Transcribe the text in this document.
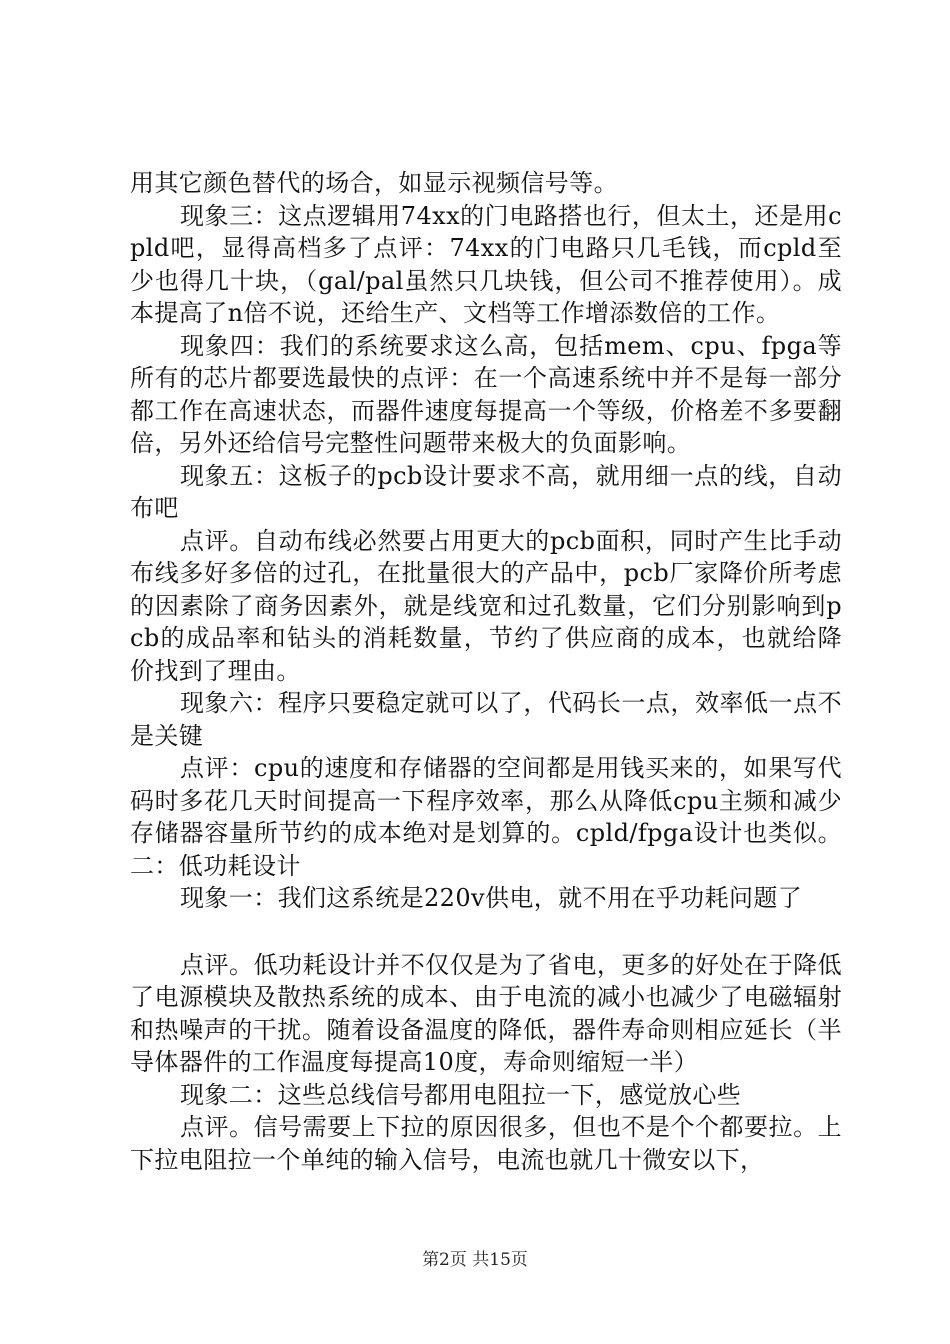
用其它颜色替代的场合，如显示视频信号等。

现象三：这点逻辑用74xx的门电路搭也行，但太土，还是用cpld吧，显得高档多了点评：74xx的门电路只几毛钱，而cpld至少也得几十块，（gal/pal虽然只几块钱，但公司不推荐使用）。成本提高了n倍不说，还给生产、文档等工作增添数倍的工作。

现象四：我们的系统要求这么高，包括mem、cpu、fpga等所有的芯片都要选最快的点评：在一个高速系统中并不是每一部分都工作在高速状态，而器件速度每提高一个等级，价格差不多要翻倍，另外还给信号完整性问题带来极大的负面影响。

现象五：这板子的pcb设计要求不高，就用细一点的线，自动布吧

点评。自动布线必然要占用更大的pcb面积，同时产生比手动布线多好多倍的过孔，在批量很大的产品中，pcb厂家降价所考虑的因素除了商务因素外，就是线宽和过孔数量，它们分别影响到pcb的成品率和钻头的消耗数量，节约了供应商的成本，也就给降价找到了理由。

现象六：程序只要稳定就可以了，代码长一点，效率低一点不是关键

点评：cpu的速度和存储器的空间都是用钱买来的，如果写代码时多花几天时间提高一下程序效率，那么从降低cpu主频和减少存储器容量所节约的成本绝对是划算的。cpld/fpga设计也类似。二：低功耗设计

现象一：我们这系统是220v供电，就不用在乎功耗问题了

点评。低功耗设计并不仅仅是为了省电，更多的好处在于降低了电源模块及散热系统的成本、由于电流的减小也减少了电磁辐射和热噪声的干扰。随着设备温度的降低，器件寿命则相应延长（半导体器件的工作温度每提高10度，寿命则缩短一半）

现象二：这些总线信号都用电阻拉一下，感觉放心些

点评。信号需要上下拉的原因很多，但也不是个个都要拉。上下拉电阻拉一个单纯的输入信号，电流也就几十微安以下，

第2页 共15页
